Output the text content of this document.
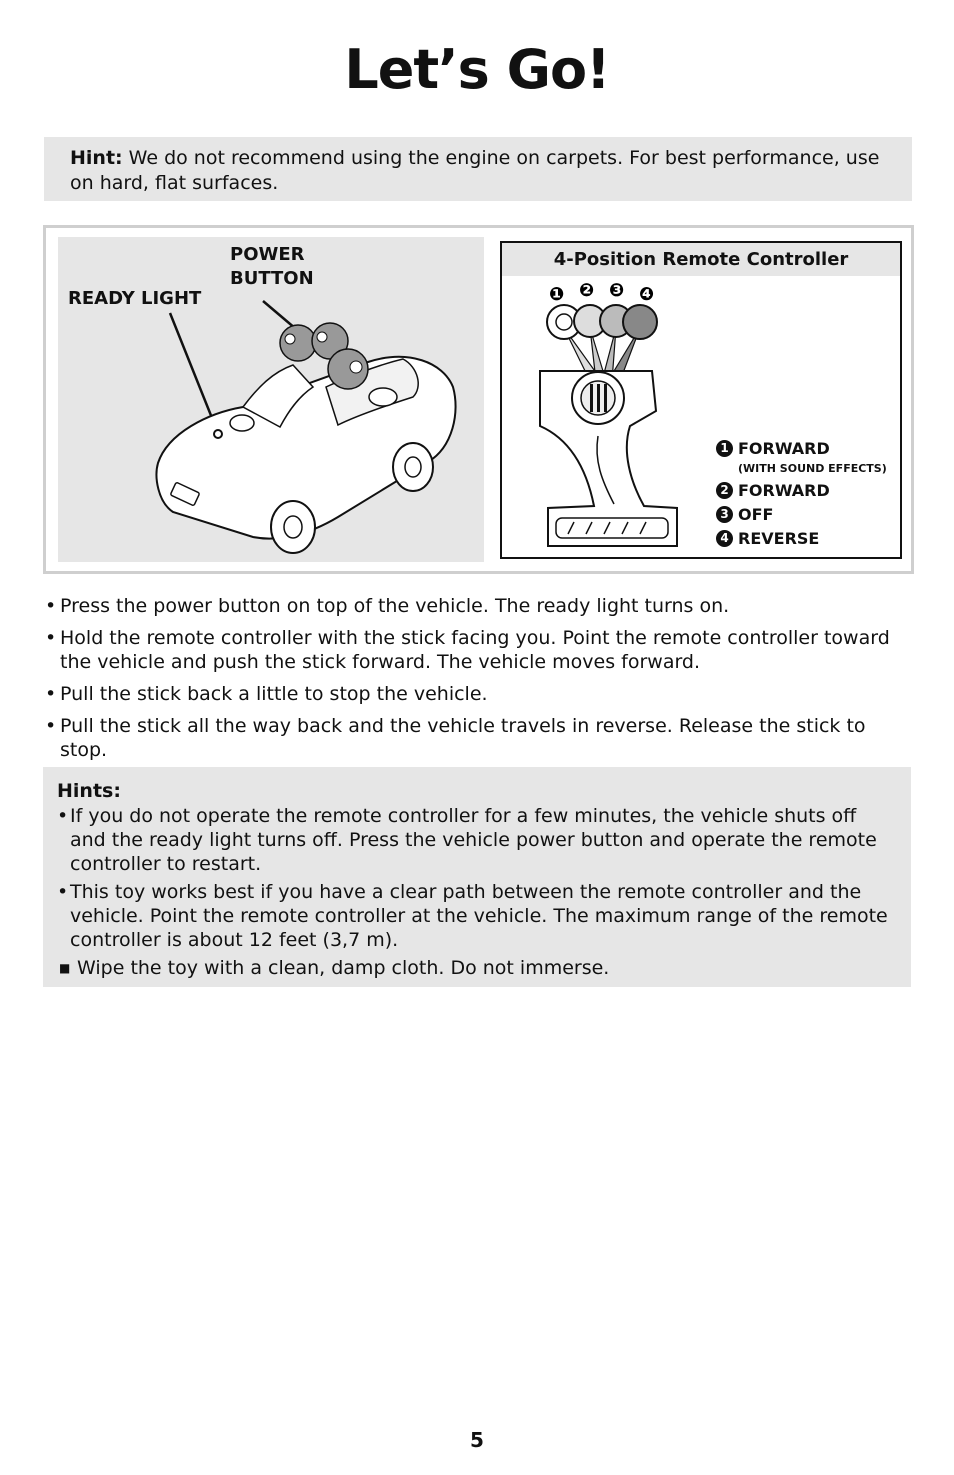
Let’s Go!
Hint: We do not recommend using the engine on carpets. For best performance, use on hard, flat surfaces.
POWER
BUTTON
READY LIGHT
4-Position Remote Controller
❶ ❷ ❸ ❹
1 FORWARD
(WITH SOUND EFFECTS)
2 FORWARD
3 OFF
4 REVERSE
• Press the power button on top of the vehicle. The ready light turns on.
• Hold the remote controller with the stick facing you. Point the remote controller toward the vehicle and push the stick forward. The vehicle moves forward.
• Pull the stick back a little to stop the vehicle.
• Pull the stick all the way back and the vehicle travels in reverse. Release the stick to stop.
Hints:
• If you do not operate the remote controller for a few minutes, the vehicle shuts off and the ready light turns off. Press the vehicle power button and operate the remote controller to restart.
• This toy works best if you have a clear path between the remote controller and the vehicle. Point the remote controller at the vehicle. The maximum range of the remote controller is about 12 feet (3,7 m).
■ Wipe the toy with a clean, damp cloth. Do not immerse.
5
